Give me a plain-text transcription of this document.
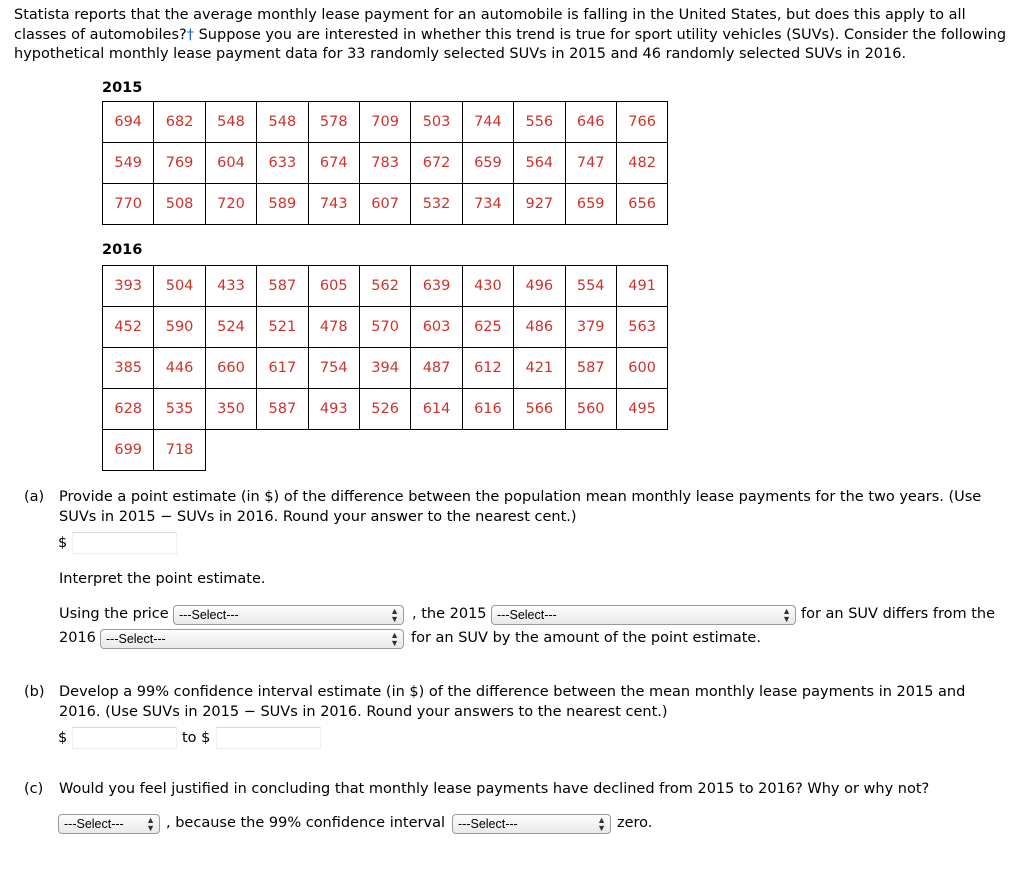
Statista reports that the average monthly lease payment for an automobile is falling in the United States, but does this apply to all classes of automobiles?† Suppose you are interested in whether this trend is true for sport utility vehicles (SUVs). Consider the following hypothetical monthly lease payment data for 33 randomly selected SUVs in 2015 and 46 randomly selected SUVs in 2016.
2015
694	682	548	548	578	709	503	744	556	646	766
549	769	604	633	674	783	672	659	564	747	482
770	508	720	589	743	607	532	734	927	659	656
2016
393	504	433	587	605	562	639	430	496	554	491
452	590	524	521	478	570	603	625	486	379	563
385	446	660	617	754	394	487	612	421	587	600
628	535	350	587	493	526	614	616	566	560	495
699	718									
(a) Provide a point estimate (in $) of the difference between the population mean monthly lease payments for the two years. (Use SUVs in 2015 − SUVs in 2016. Round your answer to the nearest cent.)
$
Interpret the point estimate.
Using the price ---Select---	▲
▼ , the 2015 ---Select---	▲
▼ for an SUV differs from the
2016 ---Select---	▲
▼ for an SUV by the amount of the point estimate.
(b) Develop a 99% confidence interval estimate (in $) of the difference between the mean monthly lease payments in 2015 and 2016. (Use SUVs in 2015 − SUVs in 2016. Round your answers to the nearest cent.)
$	to $
(c) Would you feel justified in concluding that monthly lease payments have declined from 2015 to 2016? Why or why not?
---Select--- ▲
▼ , because the 99% confidence interval	---Select---	▲
▼ zero.
